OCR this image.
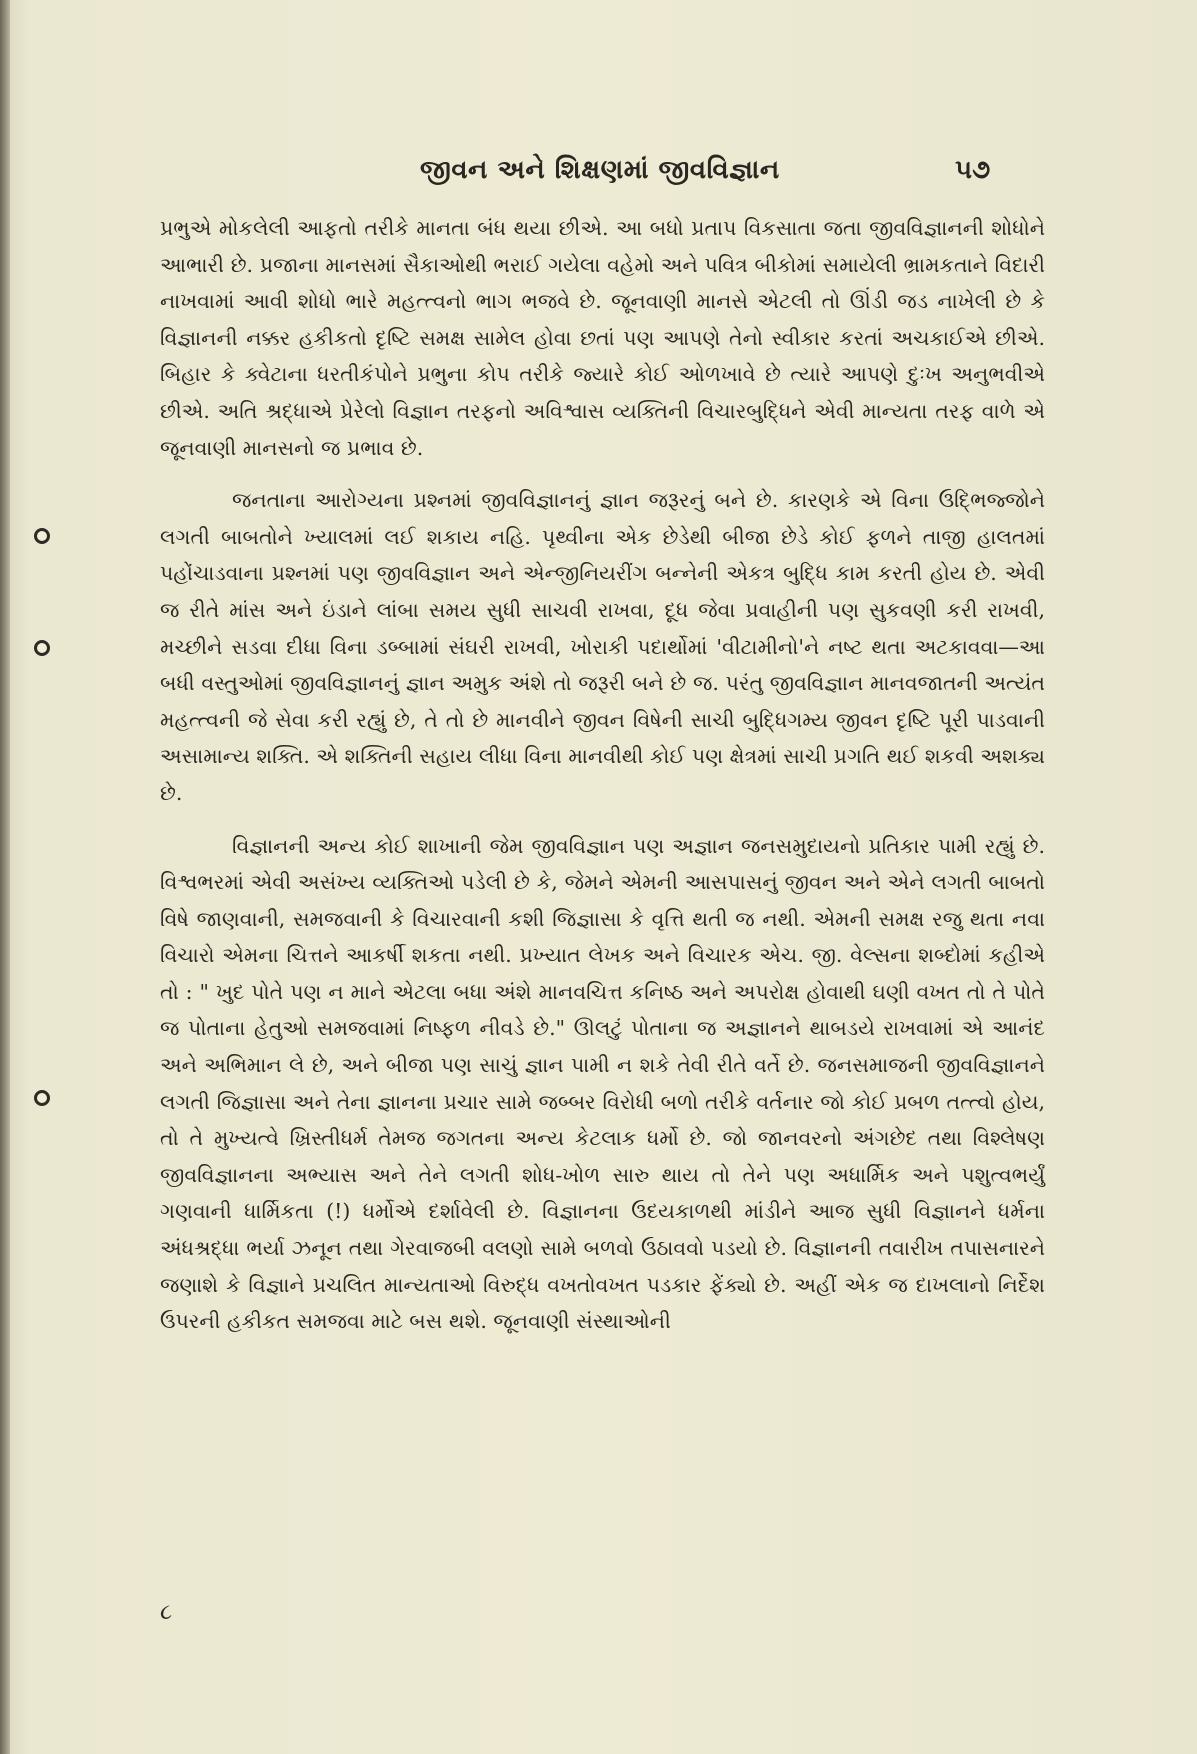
જીવન અને શિક્ષણમાં જીવવિજ્ઞાન	૫૭

પ્રભુએ મોકલેલી આફતો તરીકે માનતા બંધ થયા છીએ. આ બધો પ્રતાપ વિકસાતા જતા જીવવિજ્ઞાનની શોધોને આભારી છે. પ્રજાના માનસમાં સૈકાઓથી ભરાઈ ગયેલા વહેમો અને પવિત્ર બીકોમાં સમાયેલી ભ્રામકતાને વિદારી નાખવામાં આવી શોધો ભારે મહત્ત્વનો ભાગ ભજવે છે. જૂનવાણી માનસે એટલી તો ઊંડી જડ નાખેલી છે કે વિજ્ઞાનની નક્કર હકીકતો દૃષ્ટિ સમક્ષ સામેલ હોવા છતાં પણ આપણે તેનો સ્વીકાર કરતાં અચકાઈએ છીએ. બિહાર કે ક્વેટાના ધરતીકંપોને પ્રભુના કોપ તરીકે જ્યારે કોઈ ઓળખાવે છે ત્યારે આપણે દુઃખ અનુભવીએ છીએ. અતિ શ્રદ્ધાએ પ્રેરેલો વિજ્ઞાન તરફનો અવિશ્વાસ વ્યક્તિની વિચારબુદ્ધિને એવી માન્યતા તરફ વાળે એ જૂનવાણી માનસનો જ પ્રભાવ છે.

જનતાના આરોગ્યના પ્રશ્નમાં જીવવિજ્ઞાનનું જ્ઞાન જરૂરનું બને છે. કારણકે એ વિના ઉદ્ભિજ્જોને લગતી બાબતોને ખ્યાલમાં લઈ શકાય નહિ. પૃથ્વીના એક છેડેથી બીજા છેડે કોઈ ફળને તાજી હાલતમાં પહોંચાડવાના પ્રશ્નમાં પણ જીવવિજ્ઞાન અને એન્જીનિયરીંગ બન્નેની એકત્ર બુદ્ધિ કામ કરતી હોય છે. એવી જ રીતે માંસ અને ઇંડાને લાંબા સમય સુધી સાચવી રાખવા, દૂધ જેવા પ્રવાહીની પણ સુકવણી કરી રાખવી, મચ્છીને સડવા દીધા વિના ડબ્બામાં સંઘરી રાખવી, ખોરાકી પદાર્થોમાં 'વીટામીનો'ને નષ્ટ થતા અટકાવવા—આ બધી વસ્તુઓમાં જીવવિજ્ઞાનનું જ્ઞાન અમુક અંશે તો જરૂરી બને છે જ. પરંતુ જીવવિજ્ઞાન માનવજાતની અત્યંત મહત્ત્વની જે સેવા કરી રહ્યું છે, તે તો છે માનવીને જીવન વિષેની સાચી બુદ્ધિગમ્ય જીવન દૃષ્ટિ પૂરી પાડવાની અસામાન્ય શક્તિ. એ શક્તિની સહાય લીધા વિના માનવીથી કોઈ પણ ક્ષેત્રમાં સાચી પ્રગતિ થઈ શકવી અશક્ય છે.

વિજ્ઞાનની અન્ય કોઈ શાખાની જેમ જીવવિજ્ઞાન પણ અજ્ઞાન જનસમુદાયનો પ્રતિકાર પામી રહ્યું છે. વિશ્વભરમાં એવી અસંખ્ય વ્યક્તિઓ પડેલી છે કે, જેમને એમની આસપાસનું જીવન અને એને લગતી બાબતો વિષે જાણવાની, સમજવાની કે વિચારવાની કશી જિજ્ઞાસા કે વૃત્તિ થતી જ નથી. એમની સમક્ષ રજુ થતા નવા વિચારો એમના ચિત્તને આકર્ષી શકતા નથી. પ્રખ્યાત લેખક અને વિચારક એચ. જી. વેલ્સના શબ્દોમાં કહીએ તો : " ખુદ પોતે પણ ન માને એટલા બધા અંશે માનવચિત્ત કનિષ્ઠ અને અપરોક્ષ હોવાથી ઘણી વખત તો તે પોતે જ પોતાના હેતુઓ સમજવામાં નિષ્ફળ નીવડે છે." ઊલટું પોતાના જ અજ્ઞાનને થાબડયે રાખવામાં એ આનંદ અને અભિમાન લે છે, અને બીજા પણ સાચું જ્ઞાન પામી ન શકે તેવી રીતે વર્તે છે. જનસમાજની જીવવિજ્ઞાનને લગતી જિજ્ઞાસા અને તેના જ્ઞાનના પ્રચાર સામે જબ્બર વિરોધી બળો તરીકે વર્તનાર જો કોઈ પ્રબળ તત્ત્વો હોય, તો તે મુખ્યત્વે ખ્રિસ્તીધર્મ તેમજ જગતના અન્ય કેટલાક ધર્મો છે. જો જાનવરનો અંગછેદ તથા વિશ્લેષણ જીવવિજ્ઞાનના અભ્યાસ અને તેને લગતી શોધ-ખોળ સારુ થાય તો તેને પણ અધાર્મિક અને પશુત્વભર્યું ગણવાની ધાર્મિકતા (!) ધર્મોએ દર્શાવેલી છે. વિજ્ઞાનના ઉદયકાળથી માંડીને આજ સુધી વિજ્ઞાનને ધર્મના અંધશ્રદ્ધા ભર્યા ઝનૂન તથા ગેરવાજબી વલણો સામે બળવો ઉઠાવવો પડયો છે. વિજ્ઞાનની તવારીખ તપાસનારને જણાશે કે વિજ્ઞાને પ્રચલિત માન્યતાઓ વિરુદ્ધ વખતોવખત પડકાર ફેંક્યો છે. અહીં એક જ દાખલાનો નિર્દેશ ઉપરની હકીકત સમજવા માટે બસ થશે. જૂનવાણી સંસ્થાઓની

૮
